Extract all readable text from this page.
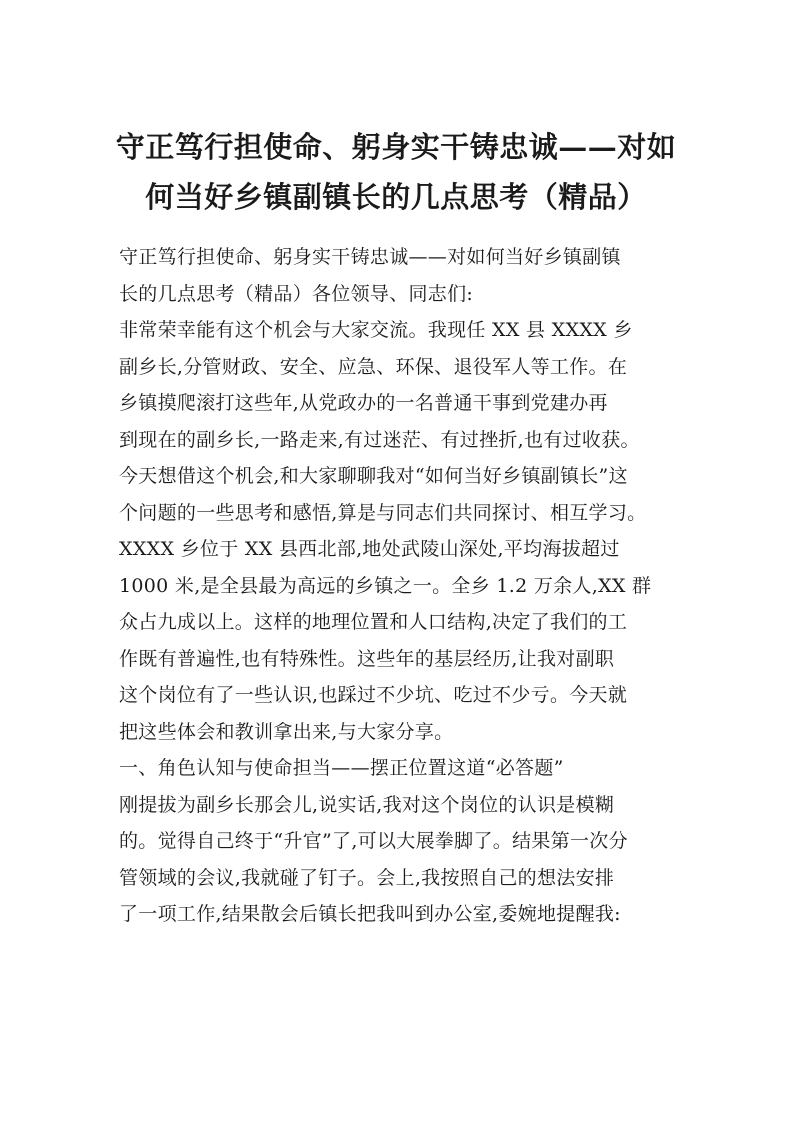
守正笃行担使命、躬身实干铸忠诚——对如
何当好乡镇副镇长的几点思考（精品）
守正笃行担使命、躬身实干铸忠诚——对如何当好乡镇副镇
长的几点思考（精品）各位领导、同志们:
非常荣幸能有这个机会与大家交流。我现任 XX 县 XXXX 乡
副乡长,分管财政、安全、应急、环保、退役军人等工作。在
乡镇摸爬滚打这些年,从党政办的一名普通干事到党建办再
到现在的副乡长,一路走来,有过迷茫、有过挫折,也有过收获。
今天想借这个机会,和大家聊聊我对“如何当好乡镇副镇长”这
个问题的一些思考和感悟,算是与同志们共同探讨、相互学习。
XXXX 乡位于 XX 县西北部,地处武陵山深处,平均海拔超过
1000 米,是全县最为高远的乡镇之一。全乡 1.2 万余人,XX 群
众占九成以上。这样的地理位置和人口结构,决定了我们的工
作既有普遍性,也有特殊性。这些年的基层经历,让我对副职
这个岗位有了一些认识,也踩过不少坑、吃过不少亏。今天就
把这些体会和教训拿出来,与大家分享。
一、角色认知与使命担当——摆正位置这道“必答题”
刚提拔为副乡长那会儿,说实话,我对这个岗位的认识是模糊
的。觉得自己终于“升官”了,可以大展拳脚了。结果第一次分
管领域的会议,我就碰了钉子。会上,我按照自己的想法安排
了一项工作,结果散会后镇长把我叫到办公室,委婉地提醒我:
